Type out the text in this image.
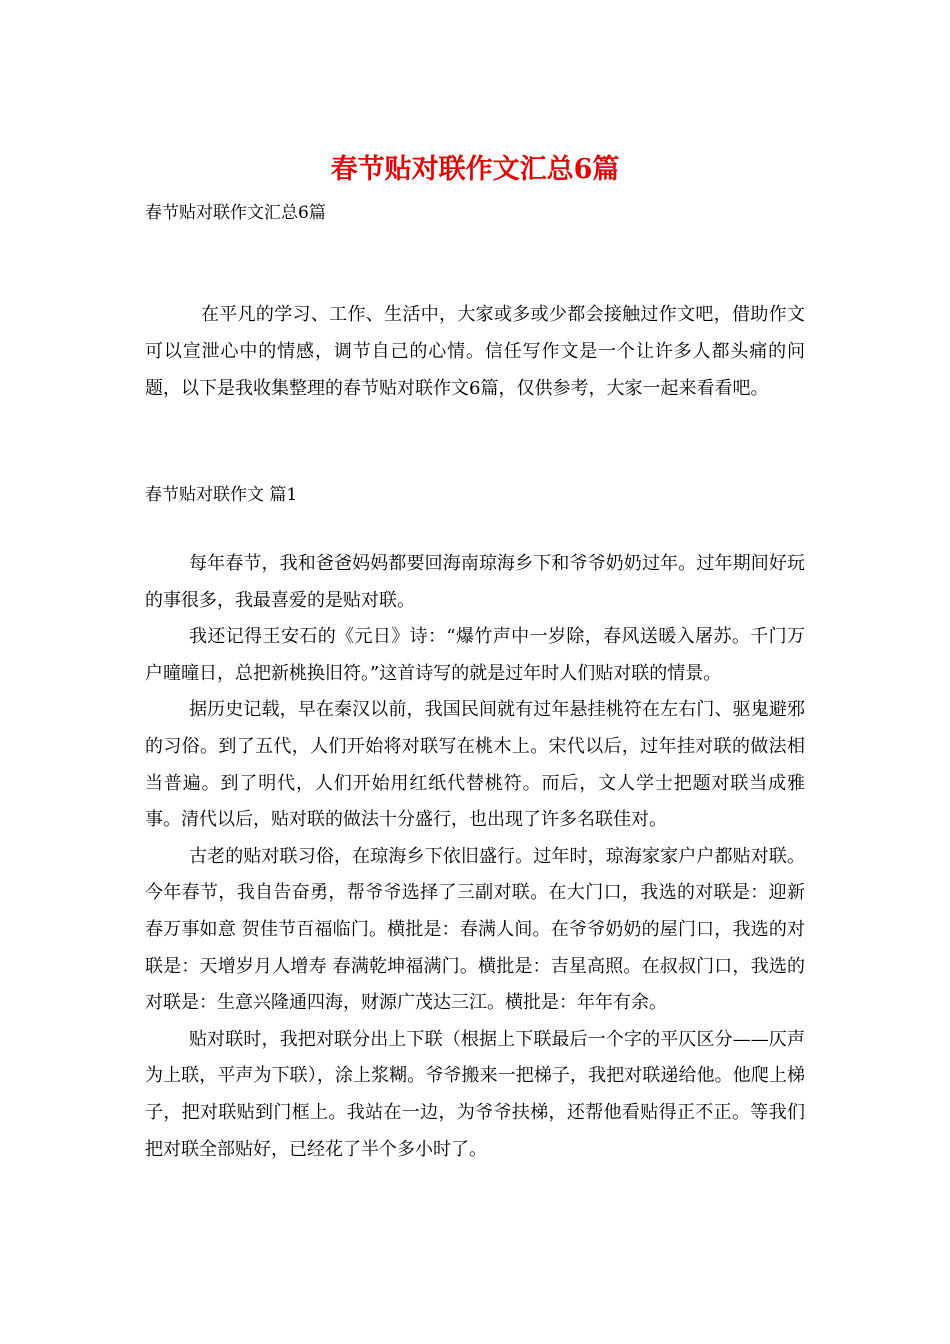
春节贴对联作文汇总6篇

春节贴对联作文汇总6篇

在平凡的学习、工作、生活中，大家或多或少都会接触过作文吧，借助作文可以宣泄心中的情感，调节自己的心情。信任写作文是一个让许多人都头痛的问题，以下是我收集整理的春节贴对联作文6篇，仅供参考，大家一起来看看吧。

春节贴对联作文 篇1

每年春节，我和爸爸妈妈都要回海南琼海乡下和爷爷奶奶过年。过年期间好玩的事很多，我最喜爱的是贴对联。

我还记得王安石的《元日》诗：“爆竹声中一岁除，春风送暖入屠苏。千门万户曈曈日，总把新桃换旧符。”这首诗写的就是过年时人们贴对联的情景。

据历史记载，早在秦汉以前，我国民间就有过年悬挂桃符在左右门、驱鬼避邪的习俗。到了五代，人们开始将对联写在桃木上。宋代以后，过年挂对联的做法相当普遍。到了明代，人们开始用红纸代替桃符。而后，文人学士把题对联当成雅事。清代以后，贴对联的做法十分盛行，也出现了许多名联佳对。

古老的贴对联习俗，在琼海乡下依旧盛行。过年时，琼海家家户户都贴对联。今年春节，我自告奋勇，帮爷爷选择了三副对联。在大门口，我选的对联是：迎新春万事如意 贺佳节百福临门。横批是：春满人间。在爷爷奶奶的屋门口，我选的对联是：天增岁月人增寿 春满乾坤福满门。横批是：吉星高照。在叔叔门口，我选的对联是：生意兴隆通四海，财源广茂达三江。横批是：年年有余。

贴对联时，我把对联分出上下联（根据上下联最后一个字的平仄区分——仄声为上联，平声为下联），涂上浆糊。爷爷搬来一把梯子，我把对联递给他。他爬上梯子，把对联贴到门框上。我站在一边，为爷爷扶梯，还帮他看贴得正不正。等我们把对联全部贴好，已经花了半个多小时了。
